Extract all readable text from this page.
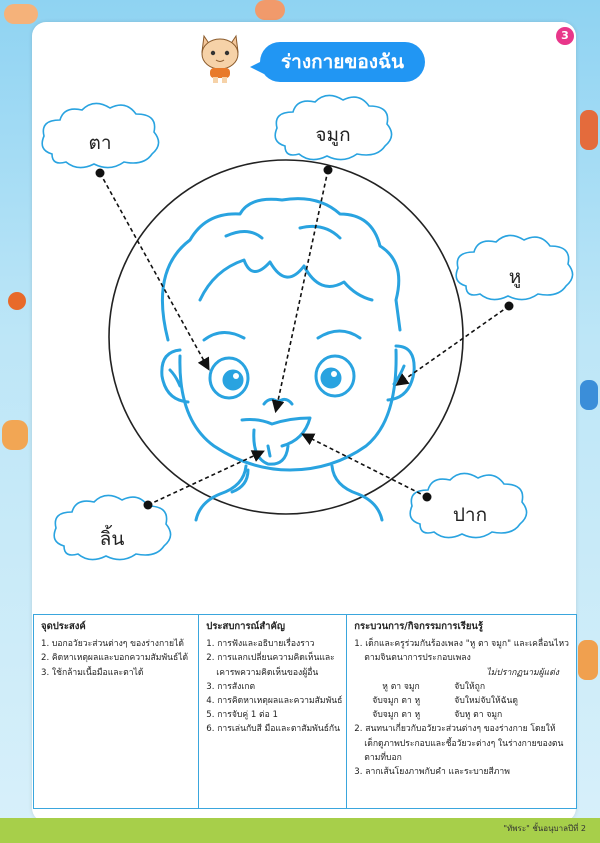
3
ร่างกายของฉัน
ตา	จมูก
หู
ปาก
ลิ้น
จุดประสงค์
1. บอกอวัยวะส่วนต่างๆ ของร่างกายได้
2. คิดหาเหตุผลและบอกความสัมพันธ์ได้
3. ใช้กล้ามเนื้อมือและตาได้
ประสบการณ์สำคัญ
1. การฟังและอธิบายเรื่องราว
2. การแลกเปลี่ยนความคิดเห็นและ
เคารพความคิดเห็นของผู้อื่น
3. การสังเกต
4. การคิดหาเหตุผลและความสัมพันธ์
5. การจับคู่ 1 ต่อ 1
6. การเล่นกับสี มือและตาสัมพันธ์กัน
กระบวนการ/กิจกรรมการเรียนรู้
1. เด็กและครูร่วมกันร้องเพลง "หู ตา จมูก" และเคลื่อนไหว
ตามจินตนาการประกอบเพลง
ไม่ปรากฏนามผู้แต่ง
หู ตา จมูก	จับให้ถูก
จับจมูก ตา หู	จับใหม่จับให้ฉันดู
จับจมูก ตา หู	จับหู ตา จมูก
2. สนทนาเกี่ยวกับอวัยวะส่วนต่างๆ ของร่างกาย โดยให้
เด็กดูภาพประกอบและชี้อวัยวะต่างๆ ในร่างกายของตน
ตามที่บอก
3. ลากเส้นโยงภาพกับคำ และระบายสีภาพ
"ทัพระ" ชั้นอนุบาลปีที่ 2
